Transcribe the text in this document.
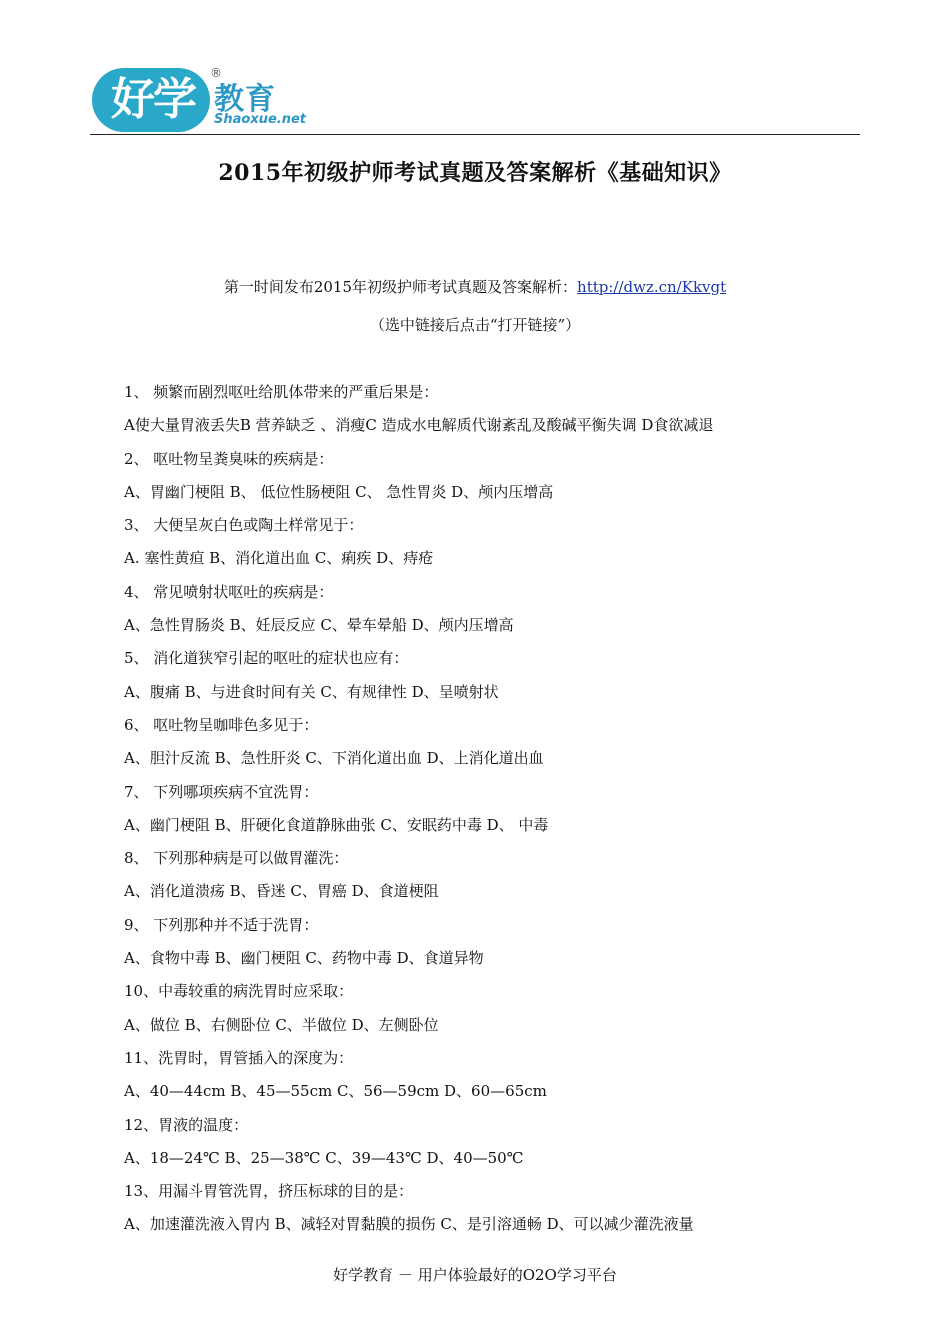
好学
®
教育
Shaoxue.net
2015年初级护师考试真题及答案解析《基础知识》
第一时间发布2015年初级护师考试真题及答案解析：http://dwz.cn/Kkvgt
（选中链接后点击“打开链接”）
1、 频繁而剧烈呕吐给肌体带来的严重后果是：
A使大量胃液丢失B 营养缺乏 、消瘦C 造成水电解质代谢紊乱及酸碱平衡失调 D食欲减退
2、 呕吐物呈粪臭味的疾病是：
A、胃幽门梗阻 B、 低位性肠梗阻 C、 急性胃炎 D、颅内压增高
3、 大便呈灰白色或陶土样常见于：
A. 塞性黄疸 B、消化道出血 C、痢疾 D、痔疮
4、 常见喷射状呕吐的疾病是：
A、急性胃肠炎 B、妊辰反应 C、晕车晕船 D、颅内压增高
5、 消化道狭窄引起的呕吐的症状也应有：
A、腹痛 B、与进食时间有关 C、有规律性 D、呈喷射状
6、 呕吐物呈咖啡色多见于：
A、胆汁反流 B、急性肝炎 C、下消化道出血 D、上消化道出血
7、 下列哪项疾病不宜洗胃：
A、幽门梗阻 B、肝硬化食道静脉曲张 C、安眠药中毒 D、 中毒
8、 下列那种病是可以做胃灌洗：
A、消化道溃疡 B、昏迷 C、胃癌 D、食道梗阻
9、 下列那种并不适于洗胃：
A、食物中毒 B、幽门梗阻 C、药物中毒 D、食道异物
10、中毒较重的病洗胃时应采取：
A、做位 B、右侧卧位 C、半做位 D、左侧卧位
11、洗胃时，胃管插入的深度为：
A、40—44cm B、45—55cm C、56—59cm D、60—65cm
12、胃液的温度：
A、18—24℃ B、25—38℃ C、39—43℃ D、40—50℃
13、用漏斗胃管洗胃，挤压标球的目的是：
A、加速灌洗液入胃内 B、减轻对胃黏膜的损伤 C、是引溶通畅 D、可以减少灌洗液量
好学教育 － 用户体验最好的O2O学习平台
